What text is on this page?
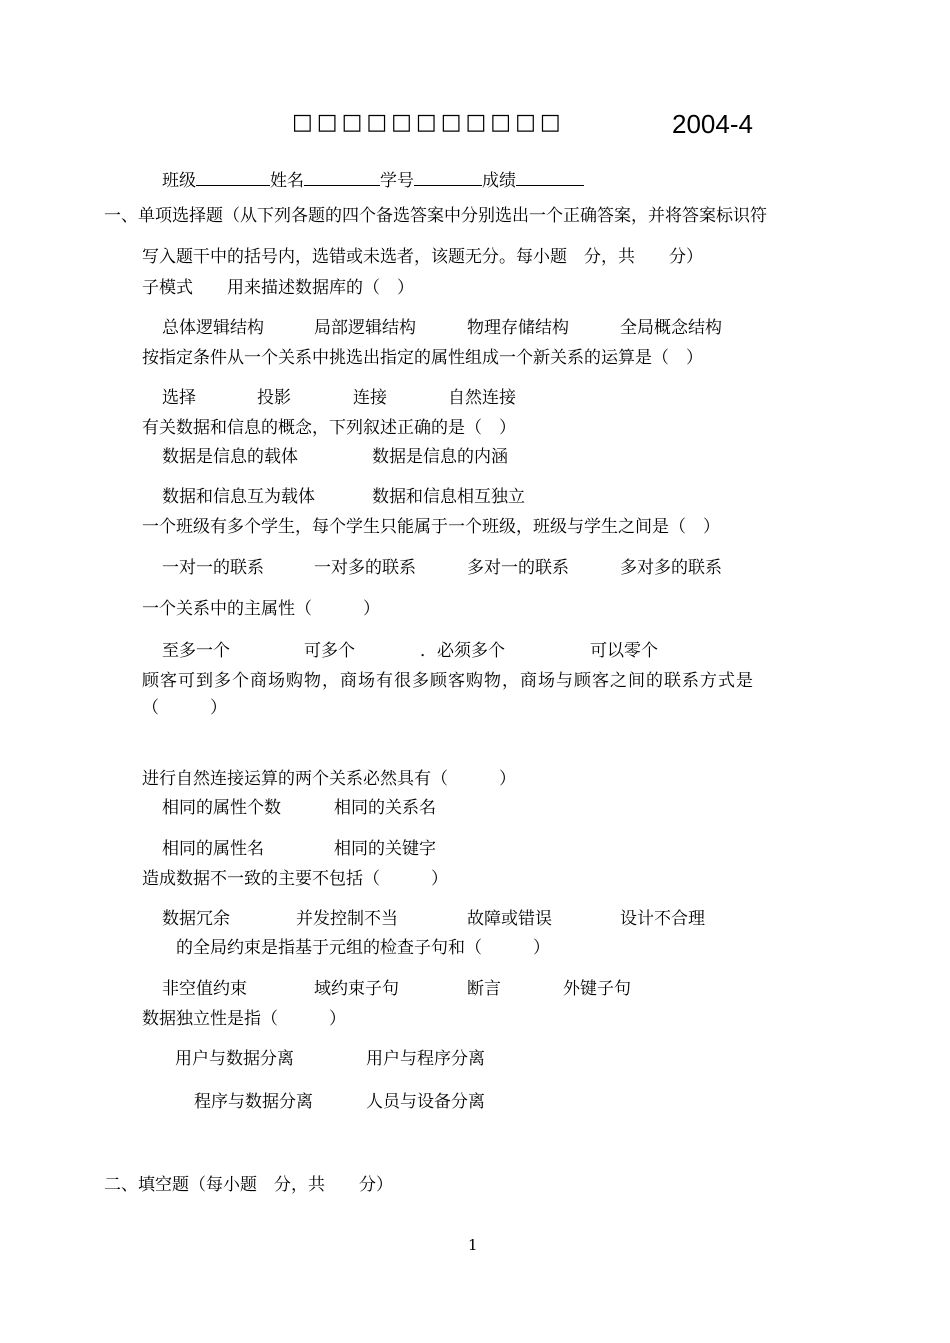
□□□□□□□□□□□	2004-4
班级	姓名	学号	成绩
一、单项选择题（从下列各题的四个备选答案中分别选出一个正确答案，并将答案标识符
写入题干中的括号内，选错或未选者，该题无分。每小题　分，共　　分）
子模式　　用来描述数据库的（　）
总体逻辑结构	局部逻辑结构	物理存储结构	全局概念结构
按指定条件从一个关系中挑选出指定的属性组成一个新关系的运算是（　）
选择	投影	连接	自然连接
有关数据和信息的概念，下列叙述正确的是（　）
数据是信息的载体	数据是信息的内涵
数据和信息互为载体	数据和信息相互独立
一个班级有多个学生，每个学生只能属于一个班级，班级与学生之间是（　）
一对一的联系	一对多的联系	多对一的联系	多对多的联系
一个关系中的主属性（　　　）
至多一个	可多个	．必须多个	可以零个
顾客可到多个商场购物，商场有很多顾客购物，商场与顾客之间的联系方式是
（　　　）
进行自然连接运算的两个关系必然具有（　　　）
相同的属性个数	相同的关系名
相同的属性名	相同的关键字
造成数据不一致的主要不包括（　　　）
数据冗余	并发控制不当	故障或错误	设计不合理
的全局约束是指基于元组的检查子句和（　　　）
非空值约束	域约束子句	断言	外键子句
数据独立性是指（　　　）
用户与数据分离	用户与程序分离
程序与数据分离	人员与设备分离
二、填空题（每小题　分，共　　分）
1
